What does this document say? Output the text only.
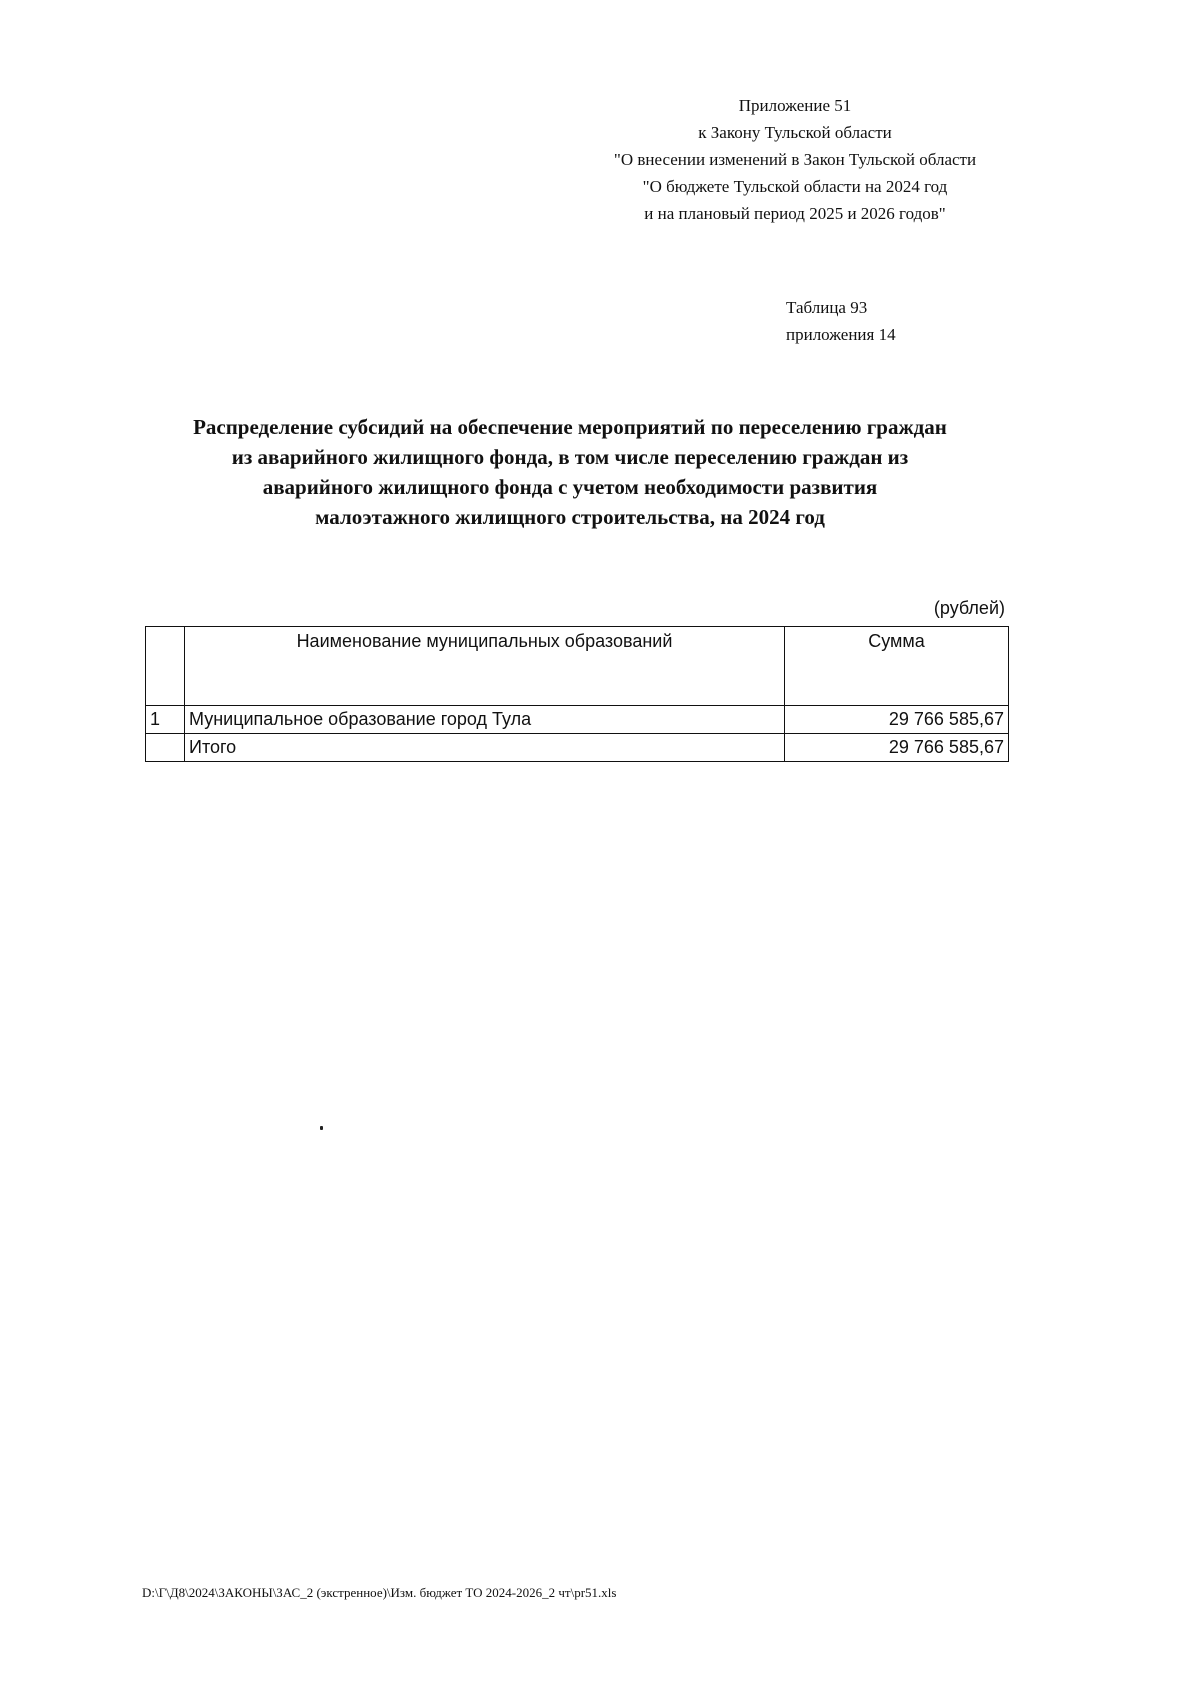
Приложение 51
к Закону Тульской области
"О внесении изменений в Закон Тульской области
"О бюджете Тульской области на 2024 год
и на плановый период 2025 и 2026 годов"
Таблица 93
приложения 14
Распределение субсидий на обеспечение мероприятий по переселению граждан
из аварийного жилищного фонда, в том числе переселению граждан из
аварийного жилищного фонда с учетом необходимости развития
малоэтажного жилищного строительства, на 2024 год
(рублей)
	Наименование муниципальных образований	Сумма
1	Муниципальное образование город Тула	29 766 585,67
	Итого	29 766 585,67
D:\Г\Д8\2024\ЗАКОНЫ\ЗАС_2 (экстренное)\Изм. бюджет ТО 2024-2026_2 чт\pr51.xls
